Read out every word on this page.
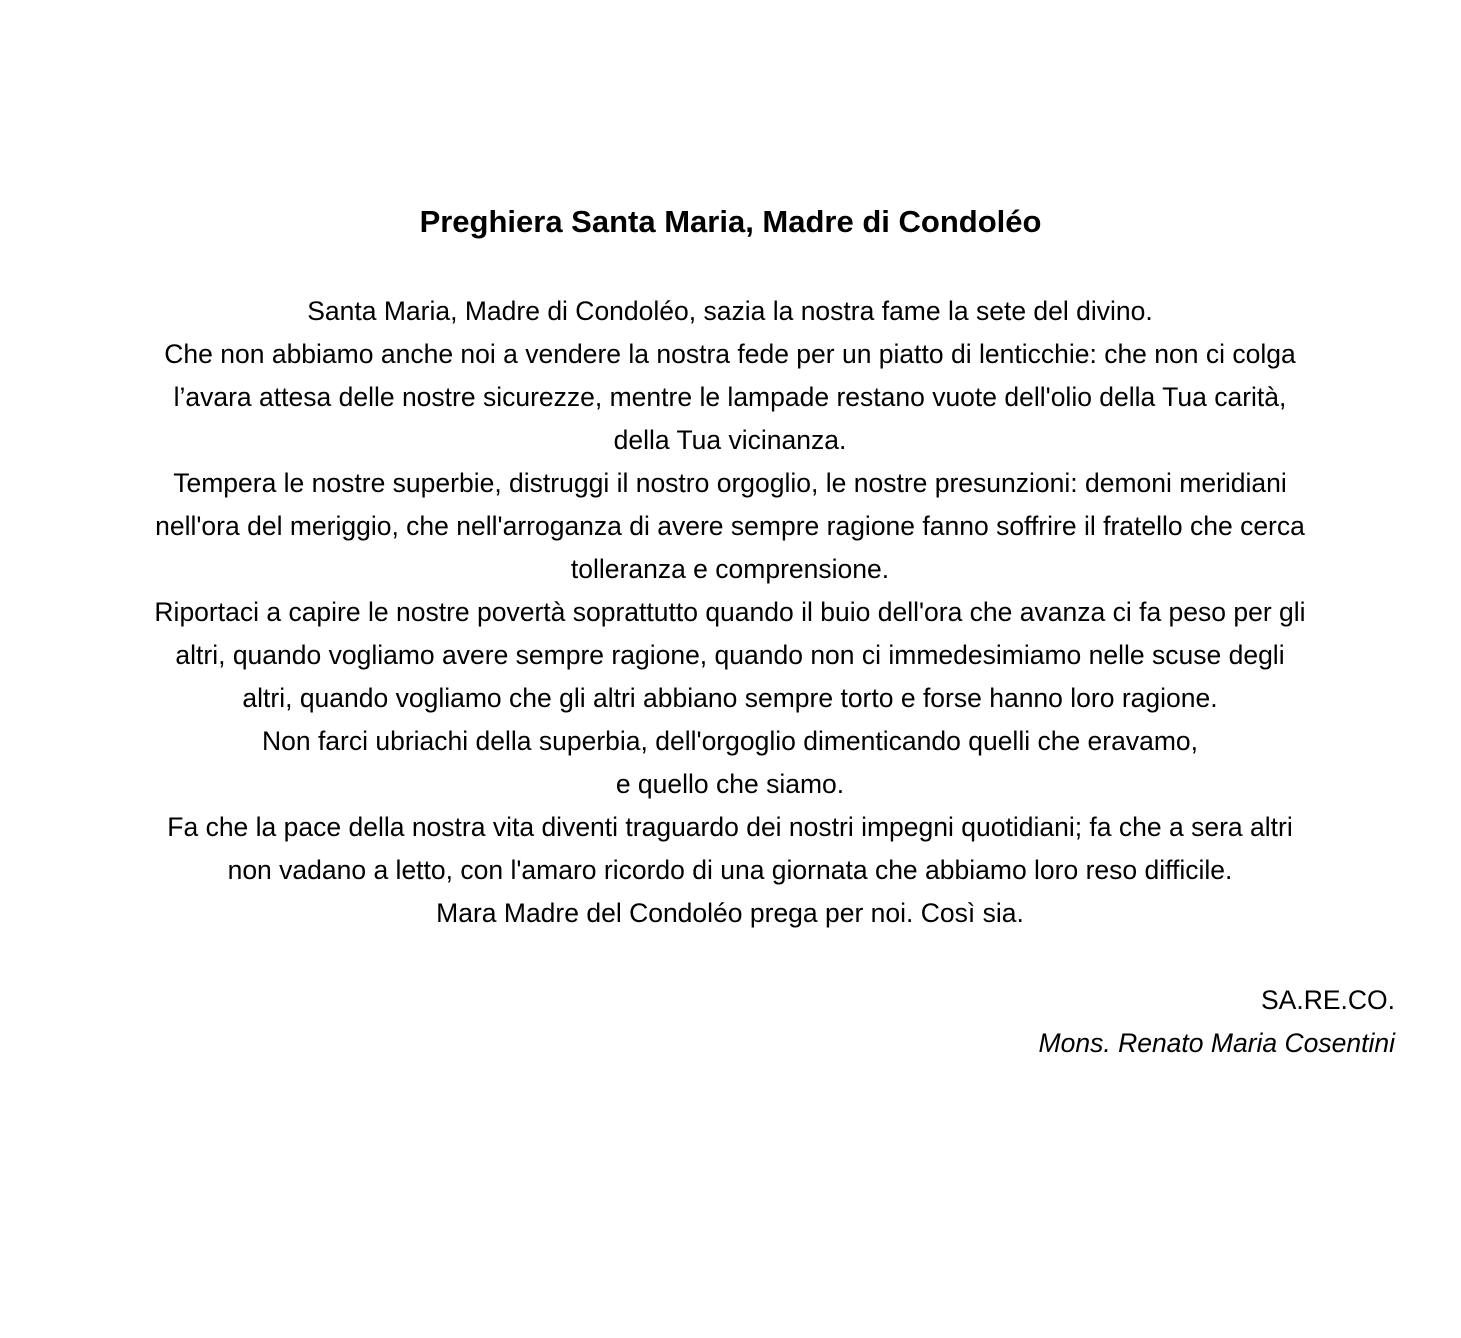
Preghiera Santa Maria, Madre di Condoléo
Santa Maria, Madre di Condoléo, sazia la nostra fame la sete del divino.
Che non abbiamo anche noi a vendere la nostra fede per un piatto di lenticchie: che non ci colga
l’avara attesa delle nostre sicurezze, mentre le lampade restano vuote dell'olio della Tua carità,
della Tua vicinanza.
Tempera le nostre superbie, distruggi il nostro orgoglio, le nostre presunzioni: demoni meridiani
nell'ora del meriggio, che nell'arroganza di avere sempre ragione fanno soffrire il fratello che cerca
tolleranza e comprensione.
Riportaci a capire le nostre povertà soprattutto quando il buio dell'ora che avanza ci fa peso per gli
altri, quando vogliamo avere sempre ragione, quando non ci immedesimiamo nelle scuse degli
altri, quando vogliamo che gli altri abbiano sempre torto e forse hanno loro ragione.
Non farci ubriachi della superbia, dell'orgoglio dimenticando quelli che eravamo,
e quello che siamo.
Fa che la pace della nostra vita diventi traguardo dei nostri impegni quotidiani; fa che a sera altri
non vadano a letto, con l'amaro ricordo di una giornata che abbiamo loro reso difficile.
Mara Madre del Condoléo prega per noi. Così sia.
SA.RE.CO.
Mons. Renato Maria Cosentini
